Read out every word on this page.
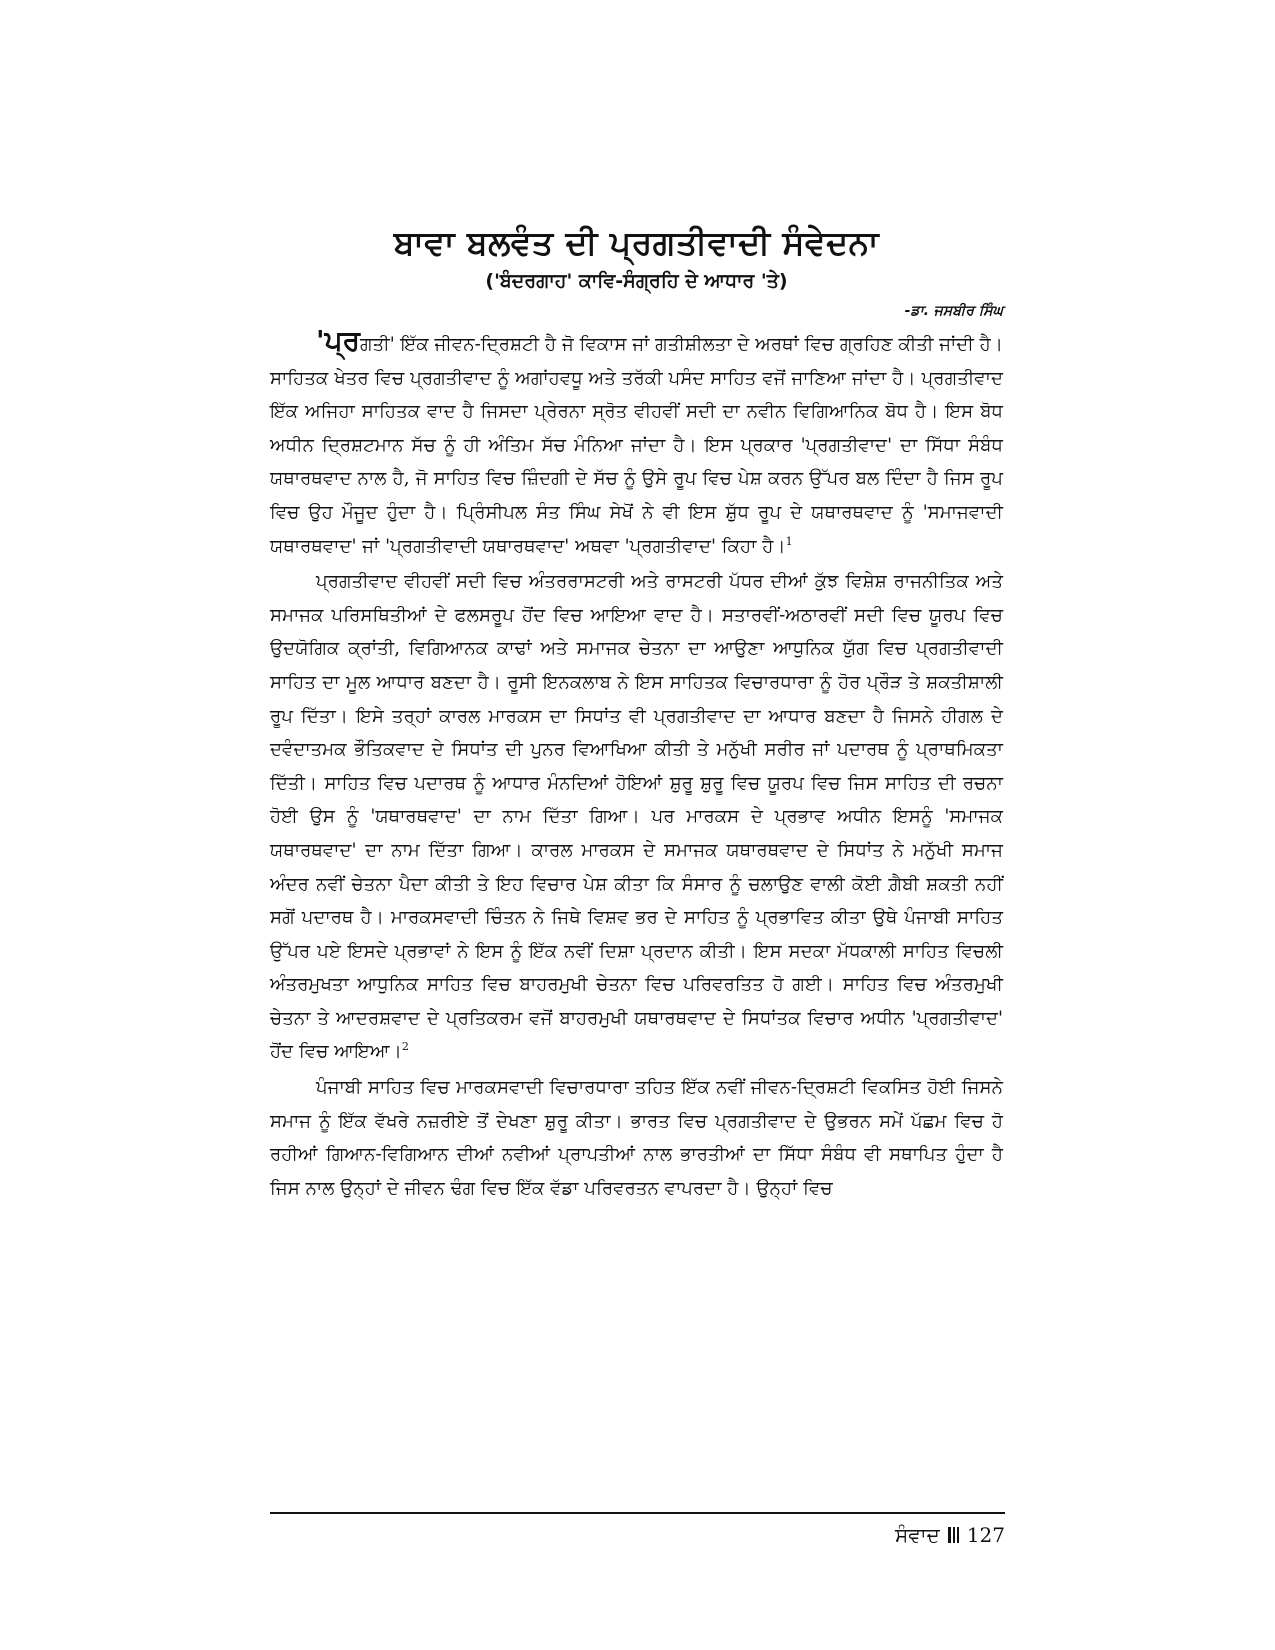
ਬਾਵਾ ਬਲਵੰਤ ਦੀ ਪ੍ਰਗਤੀਵਾਦੀ ਸੰਵੇਦਨਾ

('ਬੰਦਰਗਾਹ' ਕਾਵਿ-ਸੰਗ੍ਰਹਿ ਦੇ ਆਧਾਰ 'ਤੇ)

-ਡਾ. ਜਸਬੀਰ ਸਿੰਘ

'ਪ੍ਰਗਤੀ' ਇੱਕ ਜੀਵਨ-ਦ੍ਰਿਸ਼ਟੀ ਹੈ ਜੋ ਵਿਕਾਸ ਜਾਂ ਗਤੀਸ਼ੀਲਤਾ ਦੇ ਅਰਥਾਂ ਵਿਚ ਗ੍ਰਹਿਣ ਕੀਤੀ ਜਾਂਦੀ ਹੈ। ਸਾਹਿਤਕ ਖੇਤਰ ਵਿਚ ਪ੍ਰਗਤੀਵਾਦ ਨੂੰ ਅਗਾਂਹਵਧੂ ਅਤੇ ਤਰੱਕੀ ਪਸੰਦ ਸਾਹਿਤ ਵਜੋਂ ਜਾਣਿਆ ਜਾਂਦਾ ਹੈ। ਪ੍ਰਗਤੀਵਾਦ ਇੱਕ ਅਜਿਹਾ ਸਾਹਿਤਕ ਵਾਦ ਹੈ ਜਿਸਦਾ ਪ੍ਰੇਰਨਾ ਸ੍ਰੋਤ ਵੀਹਵੀਂ ਸਦੀ ਦਾ ਨਵੀਨ ਵਿਗਿਆਨਿਕ ਬੋਧ ਹੈ। ਇਸ ਬੋਧ ਅਧੀਨ ਦ੍ਰਿਸ਼ਟਮਾਨ ਸੱਚ ਨੂੰ ਹੀ ਅੰਤਿਮ ਸੱਚ ਮੰਨਿਆ ਜਾਂਦਾ ਹੈ। ਇਸ ਪ੍ਰਕਾਰ 'ਪ੍ਰਗਤੀਵਾਦ' ਦਾ ਸਿੱਧਾ ਸੰਬੰਧ ਯਥਾਰਥਵਾਦ ਨਾਲ ਹੈ, ਜੋ ਸਾਹਿਤ ਵਿਚ ਜ਼ਿੰਦਗੀ ਦੇ ਸੱਚ ਨੂੰ ਉਸੇ ਰੂਪ ਵਿਚ ਪੇਸ਼ ਕਰਨ ਉੱਪਰ ਬਲ ਦਿੰਦਾ ਹੈ ਜਿਸ ਰੂਪ ਵਿਚ ਉਹ ਮੌਜੂਦ ਹੁੰਦਾ ਹੈ। ਪ੍ਰਿੰਸੀਪਲ ਸੰਤ ਸਿੰਘ ਸੇਖੋਂ ਨੇ ਵੀ ਇਸ ਸ਼ੁੱਧ ਰੂਪ ਦੇ ਯਥਾਰਥਵਾਦ ਨੂੰ 'ਸਮਾਜਵਾਦੀ ਯਥਾਰਥਵਾਦ' ਜਾਂ 'ਪ੍ਰਗਤੀਵਾਦੀ ਯਥਾਰਥਵਾਦ' ਅਥਵਾ 'ਪ੍ਰਗਤੀਵਾਦ' ਕਿਹਾ ਹੈ।$^1$

ਪ੍ਰਗਤੀਵਾਦ ਵੀਹਵੀਂ ਸਦੀ ਵਿਚ ਅੰਤਰਰਾਸਟਰੀ ਅਤੇ ਰਾਸਟਰੀ ਪੱਧਰ ਦੀਆਂ ਕੁੱਝ ਵਿਸ਼ੇਸ਼ ਰਾਜਨੀਤਿਕ ਅਤੇ ਸਮਾਜਕ ਪਰਿਸਥਿਤੀਆਂ ਦੇ ਫਲਸਰੂਪ ਹੋਂਦ ਵਿਚ ਆਇਆ ਵਾਦ ਹੈ। ਸਤਾਰਵੀਂ-ਅਠਾਰਵੀਂ ਸਦੀ ਵਿਚ ਯੂਰਪ ਵਿਚ ਉਦਯੋਗਿਕ ਕ੍ਰਾਂਤੀ, ਵਿਗਿਆਨਕ ਕਾਢਾਂ ਅਤੇ ਸਮਾਜਕ ਚੇਤਨਾ ਦਾ ਆਉਣਾ ਆਧੁਨਿਕ ਯੁੱਗ ਵਿਚ ਪ੍ਰਗਤੀਵਾਦੀ ਸਾਹਿਤ ਦਾ ਮੂਲ ਆਧਾਰ ਬਣਦਾ ਹੈ। ਰੂਸੀ ਇਨਕਲਾਬ ਨੇ ਇਸ ਸਾਹਿਤਕ ਵਿਚਾਰਧਾਰਾ ਨੂੰ ਹੋਰ ਪ੍ਰੌੜ ਤੇ ਸ਼ਕਤੀਸ਼ਾਲੀ ਰੂਪ ਦਿੱਤਾ। ਇਸੇ ਤਰ੍ਹਾਂ ਕਾਰਲ ਮਾਰਕਸ ਦਾ ਸਿਧਾਂਤ ਵੀ ਪ੍ਰਗਤੀਵਾਦ ਦਾ ਆਧਾਰ ਬਣਦਾ ਹੈ ਜਿਸਨੇ ਹੀਗਲ ਦੇ ਦਵੰਦਾਤਮਕ ਭੌਤਿਕਵਾਦ ਦੇ ਸਿਧਾਂਤ ਦੀ ਪੁਨਰ ਵਿਆਖਿਆ ਕੀਤੀ ਤੇ ਮਨੁੱਖੀ ਸਰੀਰ ਜਾਂ ਪਦਾਰਥ ਨੂੰ ਪ੍ਰਾਥਮਿਕਤਾ ਦਿੱਤੀ। ਸਾਹਿਤ ਵਿਚ ਪਦਾਰਥ ਨੂੰ ਆਧਾਰ ਮੰਨਦਿਆਂ ਹੋਇਆਂ ਸ਼ੁਰੂ ਸ਼ੁਰੂ ਵਿਚ ਯੂਰਪ ਵਿਚ ਜਿਸ ਸਾਹਿਤ ਦੀ ਰਚਨਾ ਹੋਈ ਉਸ ਨੂੰ 'ਯਥਾਰਥਵਾਦ' ਦਾ ਨਾਮ ਦਿੱਤਾ ਗਿਆ। ਪਰ ਮਾਰਕਸ ਦੇ ਪ੍ਰਭਾਵ ਅਧੀਨ ਇਸਨੂੰ 'ਸਮਾਜਕ ਯਥਾਰਥਵਾਦ' ਦਾ ਨਾਮ ਦਿੱਤਾ ਗਿਆ। ਕਾਰਲ ਮਾਰਕਸ ਦੇ ਸਮਾਜਕ ਯਥਾਰਥਵਾਦ ਦੇ ਸਿਧਾਂਤ ਨੇ ਮਨੁੱਖੀ ਸਮਾਜ ਅੰਦਰ ਨਵੀਂ ਚੇਤਨਾ ਪੈਦਾ ਕੀਤੀ ਤੇ ਇਹ ਵਿਚਾਰ ਪੇਸ਼ ਕੀਤਾ ਕਿ ਸੰਸਾਰ ਨੂੰ ਚਲਾਉਣ ਵਾਲੀ ਕੋਈ ਗ਼ੈਬੀ ਸ਼ਕਤੀ ਨਹੀਂ ਸਗੋਂ ਪਦਾਰਥ ਹੈ। ਮਾਰਕਸਵਾਦੀ ਚਿੰਤਨ ਨੇ ਜਿਥੇ ਵਿਸ਼ਵ ਭਰ ਦੇ ਸਾਹਿਤ ਨੂੰ ਪ੍ਰਭਾਵਿਤ ਕੀਤਾ ਉਥੇ ਪੰਜਾਬੀ ਸਾਹਿਤ ਉੱਪਰ ਪਏ ਇਸਦੇ ਪ੍ਰਭਾਵਾਂ ਨੇ ਇਸ ਨੂੰ ਇੱਕ ਨਵੀਂ ਦਿਸ਼ਾ ਪ੍ਰਦਾਨ ਕੀਤੀ। ਇਸ ਸਦਕਾ ਮੱਧਕਾਲੀ ਸਾਹਿਤ ਵਿਚਲੀ ਅੰਤਰਮੁਖਤਾ ਆਧੁਨਿਕ ਸਾਹਿਤ ਵਿਚ ਬਾਹਰਮੁਖੀ ਚੇਤਨਾ ਵਿਚ ਪਰਿਵਰਤਿਤ ਹੋ ਗਈ। ਸਾਹਿਤ ਵਿਚ ਅੰਤਰਮੁਖੀ ਚੇਤਨਾ ਤੇ ਆਦਰਸ਼ਵਾਦ ਦੇ ਪ੍ਰਤਿਕਰਮ ਵਜੋਂ ਬਾਹਰਮੁਖੀ ਯਥਾਰਥਵਾਦ ਦੇ ਸਿਧਾਂਤਕ ਵਿਚਾਰ ਅਧੀਨ 'ਪ੍ਰਗਤੀਵਾਦ' ਹੋਂਦ ਵਿਚ ਆਇਆ।$^2$

ਪੰਜਾਬੀ ਸਾਹਿਤ ਵਿਚ ਮਾਰਕਸਵਾਦੀ ਵਿਚਾਰਧਾਰਾ ਤਹਿਤ ਇੱਕ ਨਵੀਂ ਜੀਵਨ-ਦ੍ਰਿਸ਼ਟੀ ਵਿਕਸਿਤ ਹੋਈ ਜਿਸਨੇ ਸਮਾਜ ਨੂੰ ਇੱਕ ਵੱਖਰੇ ਨਜ਼ਰੀਏ ਤੋਂ ਦੇਖਣਾ ਸ਼ੁਰੂ ਕੀਤਾ। ਭਾਰਤ ਵਿਚ ਪ੍ਰਗਤੀਵਾਦ ਦੇ ਉਭਰਨ ਸਮੇਂ ਪੱਛਮ ਵਿਚ ਹੋ ਰਹੀਆਂ ਗਿਆਨ-ਵਿਗਿਆਨ ਦੀਆਂ ਨਵੀਆਂ ਪ੍ਰਾਪਤੀਆਂ ਨਾਲ ਭਾਰਤੀਆਂ ਦਾ ਸਿੱਧਾ ਸੰਬੰਧ ਵੀ ਸਥਾਪਿਤ ਹੁੰਦਾ ਹੈ ਜਿਸ ਨਾਲ ਉਨ੍ਹਾਂ ਦੇ ਜੀਵਨ ਢੰਗ ਵਿਚ ਇੱਕ ਵੱਡਾ ਪਰਿਵਰਤਨ ਵਾਪਰਦਾ ਹੈ। ਉਨ੍ਹਾਂ ਵਿਚ

ਸੰਵਾਦ 127
